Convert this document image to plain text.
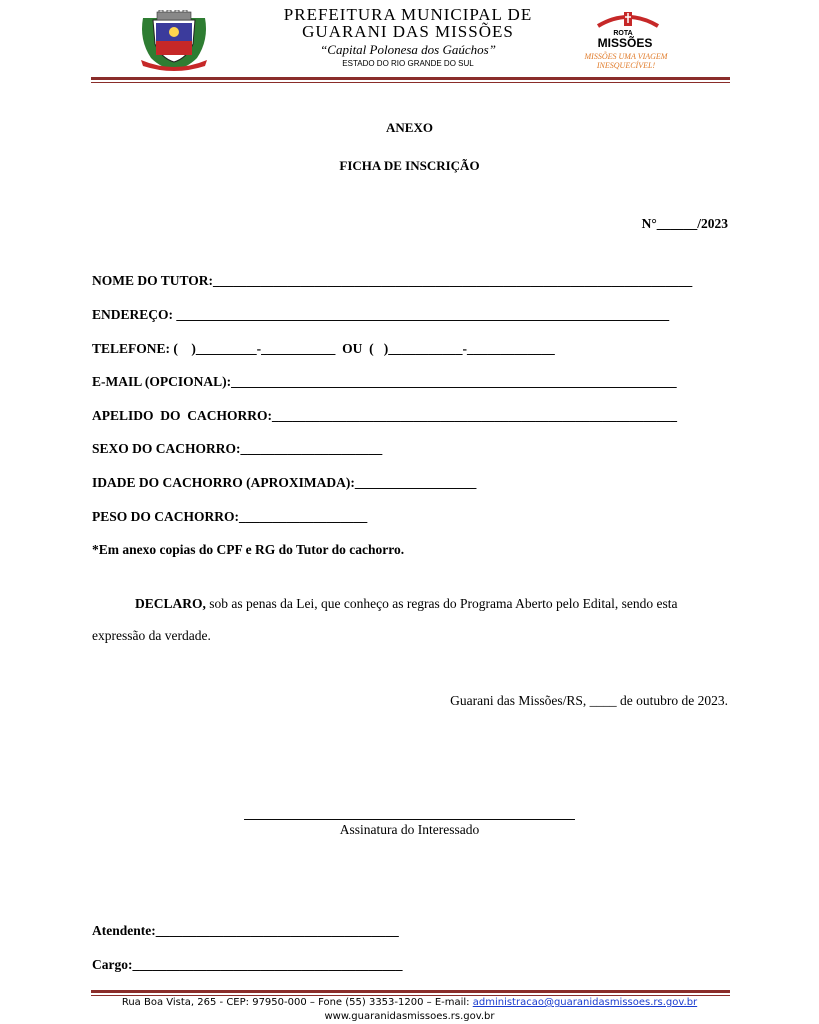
PREFEITURA MUNICIPAL DE
GUARANI DAS MISSÕES
“Capital Polonesa dos Gaúchos”
ESTADO DO RIO GRANDE DO SUL
ROTA
MISSÕES
MISSÕES UMA VIAGEM
INESQUECÍVEL!
ANEXO
FICHA DE INSCRIÇÃO
N°______/2023
NOME DO TUTOR:_______________________________________________________________________
ENDEREÇO: _________________________________________________________________________
TELEFONE: (    )_________-___________  OU  (   )___________-_____________
E-MAIL (OPCIONAL):__________________________________________________________________
APELIDO  DO  CACHORRO:____________________________________________________________
SEXO DO CACHORRO:_____________________
IDADE DO CACHORRO (APROXIMADA):__________________
PESO DO CACHORRO:___________________
*Em anexo copias do CPF e RG do Tutor do cachorro.
DECLARO, sob as penas da Lei, que conheço as regras do Programa Aberto pelo Edital, sendo esta
expressão da verdade.
Guarani das Missões/RS, ____ de outubro de 2023.
_________________________________________________
Assinatura do Interessado
Atendente:____________________________________
Cargo:________________________________________
Rua Boa Vista, 265 - CEP: 97950-000 – Fone (55) 3353-1200 – E-mail: administracao@guaranidasmissoes.rs.gov.br
www.guaranidasmissoes.rs.gov.br
